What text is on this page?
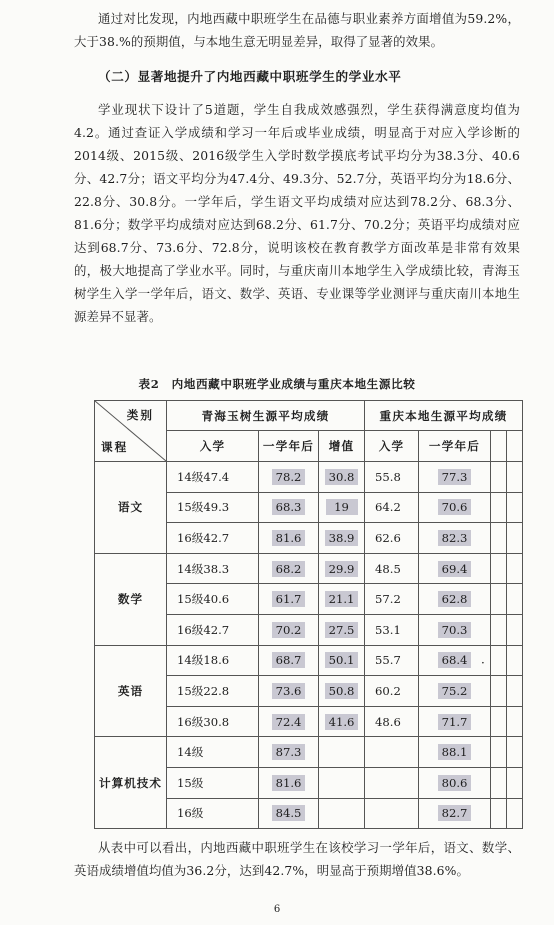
通过对比发现，内地西藏中职班学生在品德与职业素养方面增值为59.2%，大于38.%的预期值，与本地生意无明显差异，取得了显著的效果。

（二）显著地提升了内地西藏中职班学生的学业水平

学业现状下设计了5道题，学生自我成效感强烈，学生获得满意度均值为4.2。通过查证入学成绩和学习一年后或毕业成绩，明显高于对应入学诊断的2014级、2015级、2016级学生入学时数学摸底考试平均分为38.3分、40.6分、42.7分；语文平均分为47.4分、49.3分、52.7分，英语平均分为18.6分、22.8分、30.8分。一学年后，学生语文平均成绩对应达到78.2分、68.3分、81.6分；数学平均成绩对应达到68.2分、61.7分、70.2分；英语平均成绩对应达到68.7分、73.6分、72.8分，说明该校在教育教学方面改革是非常有效果的，极大地提高了学业水平。同时，与重庆南川本地学生入学成绩比较，青海玉树学生入学一学年后，语文、数学、英语、专业课等学业测评与重庆南川本地生源差异不显著。

表2　内地西藏中职班学业成绩与重庆本地生源比较
类别
课程	青海玉树生源平均成绩			重庆本地生源平均成绩			
	入学	一学年后	增值	入学	一学年后		
语文	14级47.4	78.2	30.8	55.8	77.3		
	15级49.3	68.3	19	64.2	70.6		
	16级42.7	81.6	38.9	62.6	82.3		
数学	14级38.3	68.2	29.9	48.5	69.4		
	15级40.6	61.7	21.1	57.2	62.8		
	16级42.7	70.2	27.5	53.1	70.3		
英语	14级18.6	68.7	50.1	55.7	68.4		
	15级22.8	73.6	50.8	60.2	75.2		
	16级30.8	72.4	41.6	48.6	71.7		
计算机技术	14级	87.3			88.1		
	15级	81.6			80.6		
	16级	84.5			82.7		
·

从表中可以看出，内地西藏中职班学生在该校学习一学年后，语文、数学、英语成绩增值均值为36.2分，达到42.7%，明显高于预期增值38.6%。

6
